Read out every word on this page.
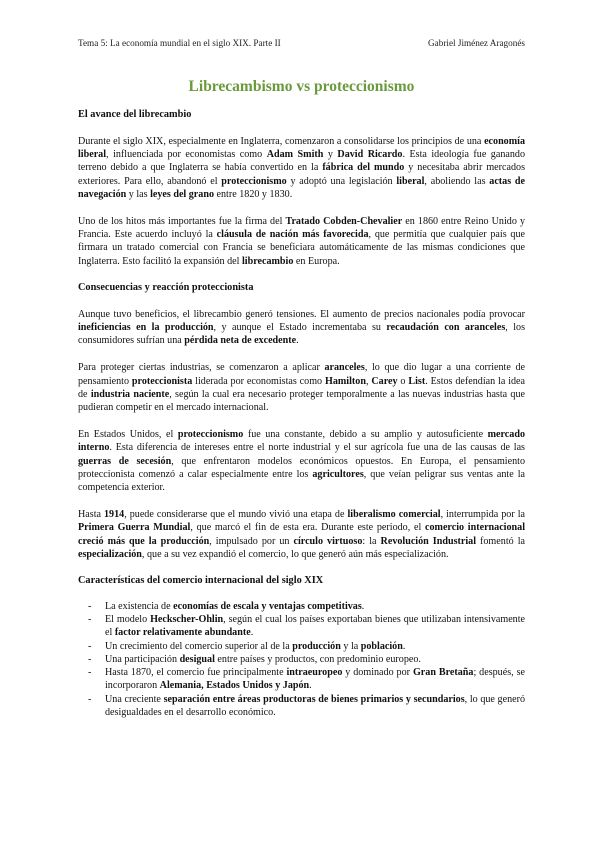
Tema 5: La economía mundial en el siglo XIX. Parte II	Gabriel Jiménez Aragonés
Librecambismo vs proteccionismo
El avance del librecambio

Durante el siglo XIX, especialmente en Inglaterra, comenzaron a consolidarse los principios de una economía liberal, influenciada por economistas como Adam Smith y David Ricardo. Esta ideología fue ganando terreno debido a que Inglaterra se había convertido en la fábrica del mundo y necesitaba abrir mercados exteriores. Para ello, abandonó el proteccionismo y adoptó una legislación liberal, aboliendo las actas de navegación y las leyes del grano entre 1820 y 1830.

Uno de los hitos más importantes fue la firma del Tratado Cobden-Chevalier en 1860 entre Reino Unido y Francia. Este acuerdo incluyó la cláusula de nación más favorecida, que permitía que cualquier país que firmara un tratado comercial con Francia se beneficiara automáticamente de las mismas condiciones que Inglaterra. Esto facilitó la expansión del librecambio en Europa.

Consecuencias y reacción proteccionista

Aunque tuvo beneficios, el librecambio generó tensiones. El aumento de precios nacionales podía provocar ineficiencias en la producción, y aunque el Estado incrementaba su recaudación con aranceles, los consumidores sufrían una pérdida neta de excedente.

Para proteger ciertas industrias, se comenzaron a aplicar aranceles, lo que dio lugar a una corriente de pensamiento proteccionista liderada por economistas como Hamilton, Carey o List. Estos defendían la idea de industria naciente, según la cual era necesario proteger temporalmente a las nuevas industrias hasta que pudieran competir en el mercado internacional.

En Estados Unidos, el proteccionismo fue una constante, debido a su amplio y autosuficiente mercado interno. Esta diferencia de intereses entre el norte industrial y el sur agrícola fue una de las causas de las guerras de secesión, que enfrentaron modelos económicos opuestos. En Europa, el pensamiento proteccionista comenzó a calar especialmente entre los agricultores, que veían peligrar sus ventas ante la competencia exterior.

Hasta 1914, puede considerarse que el mundo vivió una etapa de liberalismo comercial, interrumpida por la Primera Guerra Mundial, que marcó el fin de esta era. Durante este periodo, el comercio internacional creció más que la producción, impulsado por un círculo virtuoso: la Revolución Industrial fomentó la especialización, que a su vez expandió el comercio, lo que generó aún más especialización.

Características del comercio internacional del siglo XIX
- La existencia de economías de escala y ventajas competitivas.
- El modelo Heckscher-Ohlin, según el cual los países exportaban bienes que utilizaban intensivamente el factor relativamente abundante.
- Un crecimiento del comercio superior al de la producción y la población.
- Una participación desigual entre países y productos, con predominio europeo.
- Hasta 1870, el comercio fue principalmente intraeuropeo y dominado por Gran Bretaña; después, se incorporaron Alemania, Estados Unidos y Japón.
- Una creciente separación entre áreas productoras de bienes primarios y secundarios, lo que generó desigualdades en el desarrollo económico.
